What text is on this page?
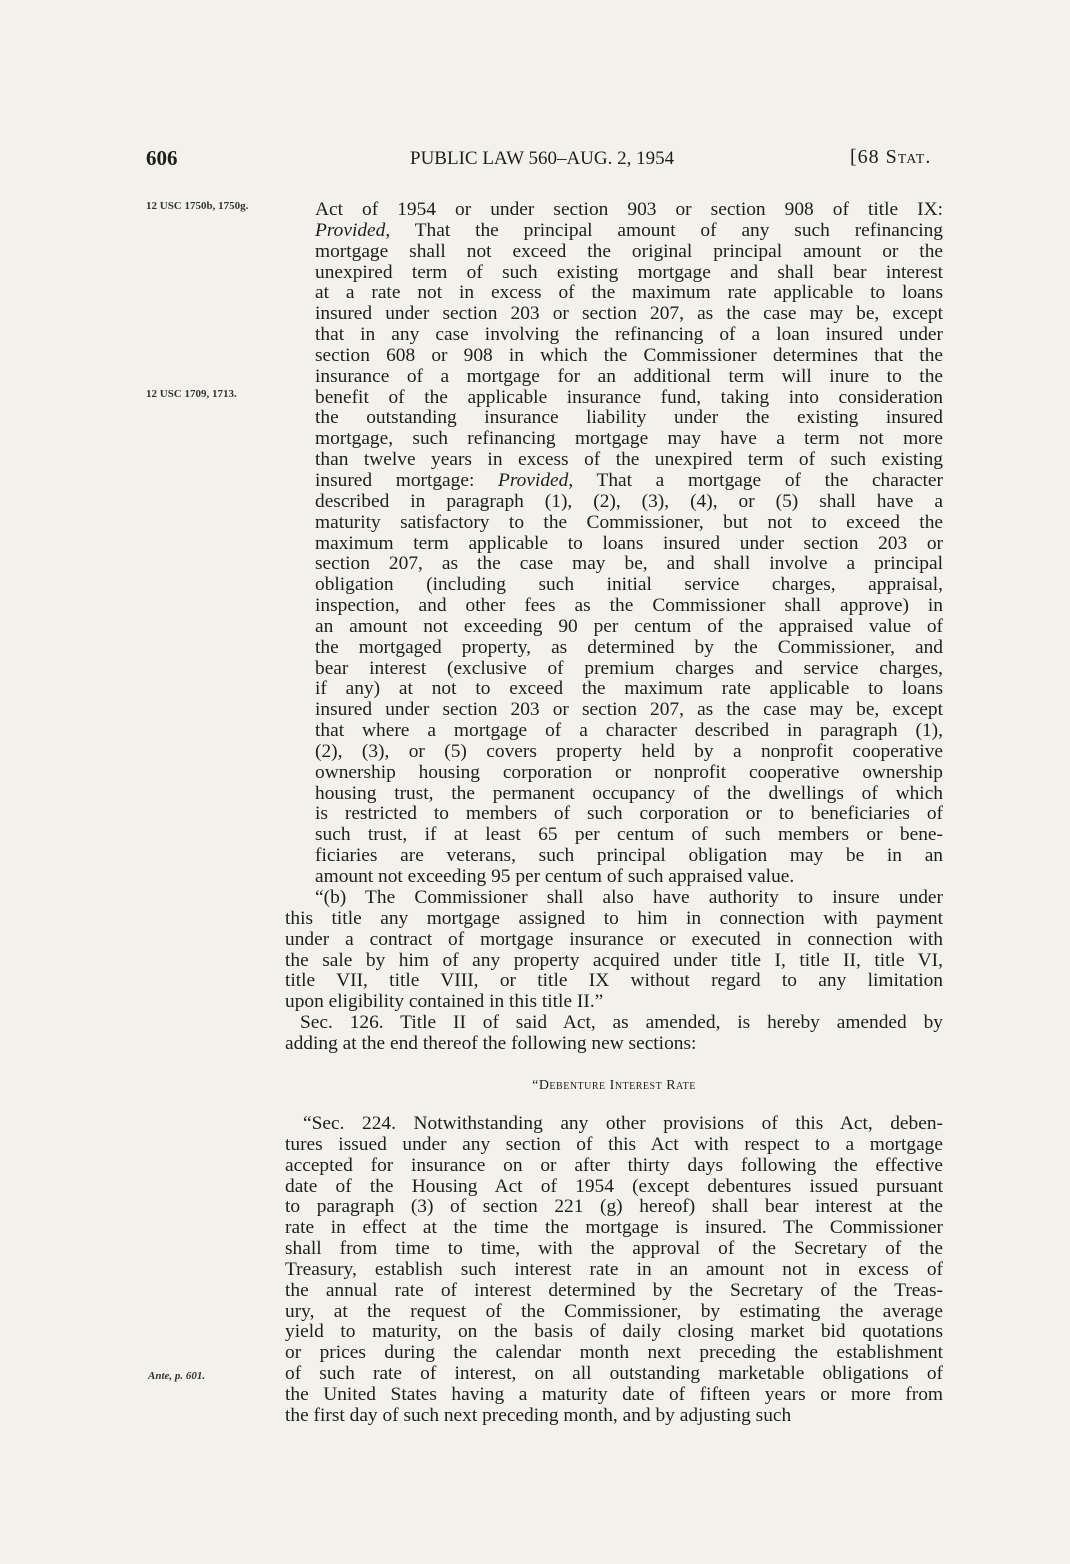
606	PUBLIC LAW 560–AUG. 2, 1954	[68 Stat.
12 USC 1750b, 1750g.
12 USC 1709, 1713.
Ante, p. 601.
Act of 1954 or under section 903 or section 908 of title IX:
Provided, That the principal amount of any such refinancing
mortgage shall not exceed the original principal amount or the
unexpired term of such existing mortgage and shall bear interest
at a rate not in excess of the maximum rate applicable to loans
insured under section 203 or section 207, as the case may be, except
that in any case involving the refinancing of a loan insured under
section 608 or 908 in which the Commissioner determines that the
insurance of a mortgage for an additional term will inure to the
benefit of the applicable insurance fund, taking into consideration
the outstanding insurance liability under the existing insured
mortgage, such refinancing mortgage may have a term not more
than twelve years in excess of the unexpired term of such existing
insured mortgage: Provided, That a mortgage of the character
described in paragraph (1), (2), (3), (4), or (5) shall have a
maturity satisfactory to the Commissioner, but not to exceed the
maximum term applicable to loans insured under section 203 or
section 207, as the case may be, and shall involve a principal
obligation (including such initial service charges, appraisal,
inspection, and other fees as the Commissioner shall approve) in
an amount not exceeding 90 per centum of the appraised value of
the mortgaged property, as determined by the Commissioner, and
bear interest (exclusive of premium charges and service charges,
if any) at not to exceed the maximum rate applicable to loans
insured under section 203 or section 207, as the case may be, except
that where a mortgage of a character described in paragraph (1),
(2), (3), or (5) covers property held by a nonprofit cooperative
ownership housing corporation or nonprofit cooperative ownership
housing trust, the permanent occupancy of the dwellings of which
is restricted to members of such corporation or to beneficiaries of
such trust, if at least 65 per centum of such members or bene-
ficiaries are veterans, such principal obligation may be in an
amount not exceeding 95 per centum of such appraised value.
“(b) The Commissioner shall also have authority to insure under
this title any mortgage assigned to him in connection with payment
under a contract of mortgage insurance or executed in connection with
the sale by him of any property acquired under title I, title II, title VI,
title VII, title VIII, or title IX without regard to any limitation
upon eligibility contained in this title II.”
Sec. 126. Title II of said Act, as amended, is hereby amended by
adding at the end thereof the following new sections:
“Debenture Interest Rate
“Sec. 224. Notwithstanding any other provisions of this Act, deben-
tures issued under any section of this Act with respect to a mortgage
accepted for insurance on or after thirty days following the effective
date of the Housing Act of 1954 (except debentures issued pursuant
to paragraph (3) of section 221 (g) hereof) shall bear interest at the
rate in effect at the time the mortgage is insured. The Commissioner
shall from time to time, with the approval of the Secretary of the
Treasury, establish such interest rate in an amount not in excess of
the annual rate of interest determined by the Secretary of the Treas-
ury, at the request of the Commissioner, by estimating the average
yield to maturity, on the basis of daily closing market bid quotations
or prices during the calendar month next preceding the establishment
of such rate of interest, on all outstanding marketable obligations of
the United States having a maturity date of fifteen years or more from
the first day of such next preceding month, and by adjusting such
